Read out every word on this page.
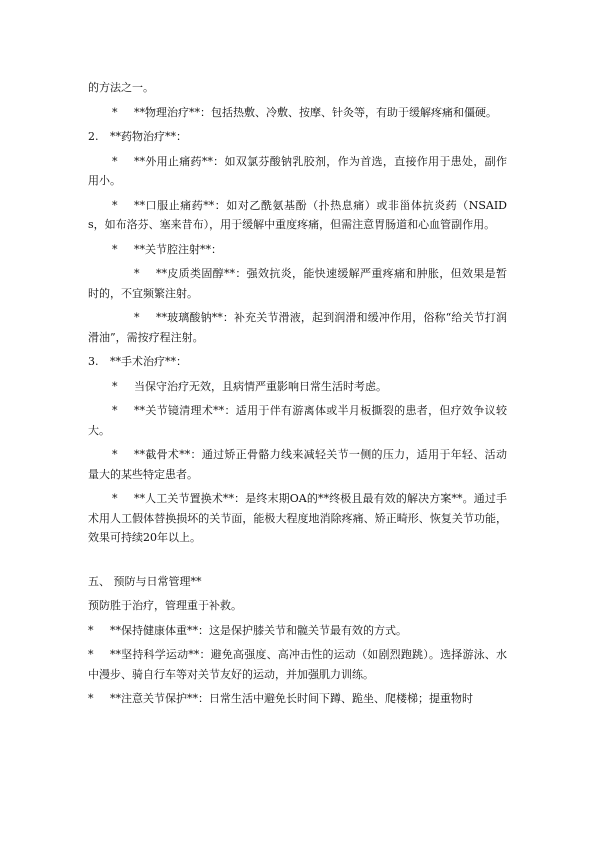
的方法之一。

* **物理治疗**：包括热敷、冷敷、按摩、针灸等，有助于缓解疼痛和僵硬。

2. **药物治疗**：

* **外用止痛药**：如双氯芬酸钠乳胶剂，作为首选，直接作用于患处，副作用小。

* **口服止痛药**：如对乙酰氨基酚（扑热息痛）或非甾体抗炎药（NSAIDs，如布洛芬、塞来昔布），用于缓解中重度疼痛，但需注意胃肠道和心血管副作用。

* **关节腔注射**：

* **皮质类固醇**：强效抗炎，能快速缓解严重疼痛和肿胀，但效果是暂时的，不宜频繁注射。

* **玻璃酸钠**：补充关节滑液，起到润滑和缓冲作用，俗称“给关节打润滑油”，需按疗程注射。

3. **手术治疗**：

* 当保守治疗无效，且病情严重影响日常生活时考虑。

* **关节镜清理术**：适用于伴有游离体或半月板撕裂的患者，但疗效争议较大。

* **截骨术**：通过矫正骨骼力线来减轻关节一侧的压力，适用于年轻、活动量大的某些特定患者。

* **人工关节置换术**：是终末期OA的**终极且最有效的解决方案**。通过手术用人工假体替换损坏的关节面，能极大程度地消除疼痛、矫正畸形、恢复关节功能，效果可持续20年以上。

五、 预防与日常管理**

预防胜于治疗，管理重于补救。

* **保持健康体重**：这是保护膝关节和髋关节最有效的方式。

* **坚持科学运动**：避免高强度、高冲击性的运动（如剧烈跑跳）。选择游泳、水中漫步、骑自行车等对关节友好的运动，并加强肌力训练。

* **注意关节保护**：日常生活中避免长时间下蹲、跪坐、爬楼梯；提重物时
